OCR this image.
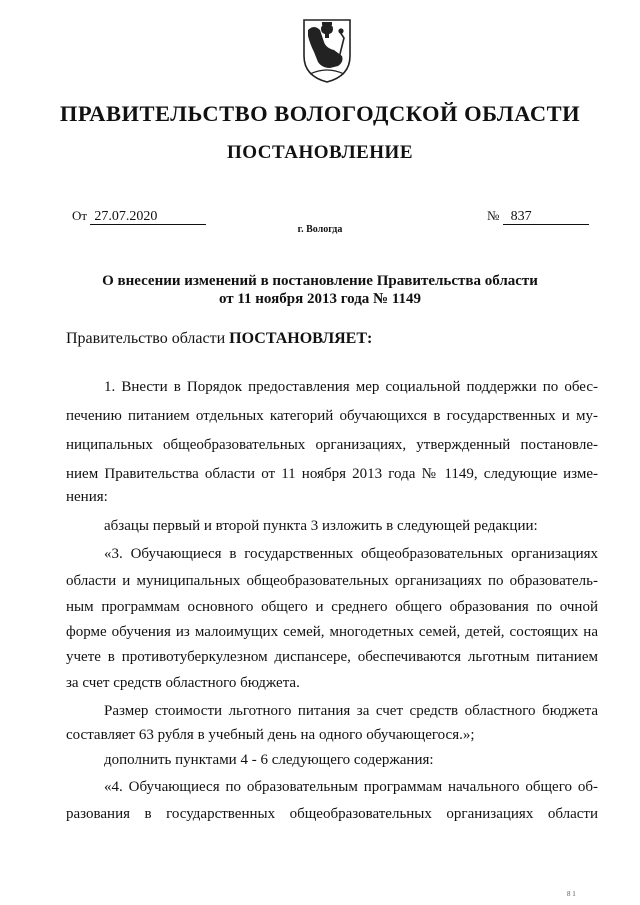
ПРАВИТЕЛЬСТВО ВОЛОГОДСКОЙ ОБЛАСТИ
ПОСТАНОВЛЕНИЕ
От 27.07.2020	№ 837
г. Вологда
О внесении изменений в постановление Правительства области
от 11 ноября 2013 года № 1149
Правительство области ПОСТАНОВЛЯЕТ:
1. Внести в Порядок предоставления мер социальной поддержки по обес-
печению питанием отдельных категорий обучающихся в государственных и му-
ниципальных общеобразовательных организациях, утвержденный постановле-
нием Правительства области от 11 ноября 2013 года № 1149, следующие изме-
нения:
абзацы первый и второй пункта 3 изложить в следующей редакции:
«3. Обучающиеся в государственных общеобразовательных организациях
области и муниципальных общеобразовательных организациях по образователь-
ным программам основного общего и среднего общего образования по очной
форме обучения из малоимущих семей, многодетных семей, детей, состоящих на
учете в противотуберкулезном диспансере, обеспечиваются льготным питанием
за счет средств областного бюджета.
Размер стоимости льготного питания за счет средств областного бюджета
составляет 63 рубля в учебный день на одного обучающегося.»;
дополнить пунктами 4 - 6 следующего содержания:
«4. Обучающиеся по образовательным программам начального общего об-
разования в государственных общеобразовательных организациях области
8 1
